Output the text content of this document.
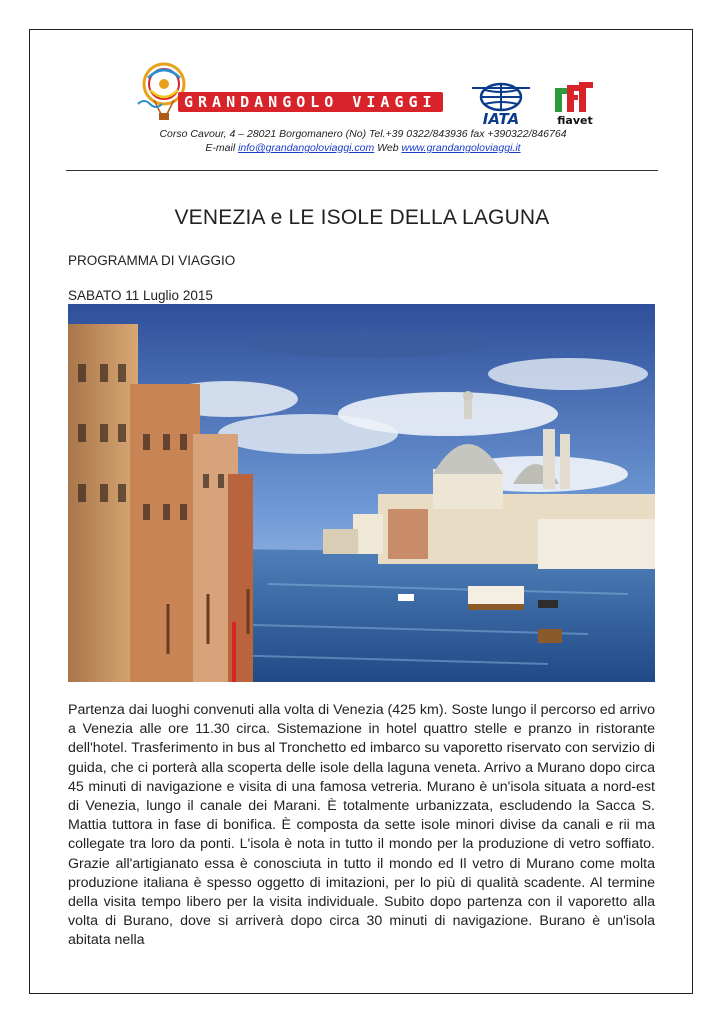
GRANDANGOLO VIAGGI
IATA	fiavet
Corso Cavour, 4 – 28021 Borgomanero (No) Tel.+39 0322/843936 fax +390322/846764
E-mail info@grandangoloviaggi.com Web www.grandangoloviaggi.it
VENEZIA e LE ISOLE DELLA LAGUNA
PROGRAMMA DI VIAGGIO
SABATO 11 Luglio 2015

Partenza dai luoghi convenuti alla volta di Venezia (425 km). Soste lungo il percorso ed arrivo a Venezia alle ore 11.30 circa. Sistemazione in hotel quattro stelle e pranzo in ristorante dell'hotel. Trasferimento in bus al Tronchetto ed imbarco su vaporetto riservato con servizio di guida, che ci porterà alla scoperta delle isole della laguna veneta. Arrivo a Murano dopo circa 45 minuti di navigazione e visita di una famosa vetreria. Murano è un'isola situata a nord-est di Venezia, lungo il canale dei Marani. È totalmente urbanizzata, escludendo la Sacca S. Mattia tuttora in fase di bonifica. È composta da sette isole minori divise da canali e rii ma collegate tra loro da ponti. L'isola è nota in tutto il mondo per la produzione di vetro soffiato. Grazie all'artigianato essa è conosciuta in tutto il mondo ed Il vetro di Murano come molta produzione italiana è spesso oggetto di imitazioni, per lo più di qualità scadente. Al termine della visita tempo libero per la visita individuale. Subito dopo partenza con il vaporetto alla volta di Burano, dove si arriverà dopo circa 30 minuti di navigazione. Burano è un'isola abitata nella
